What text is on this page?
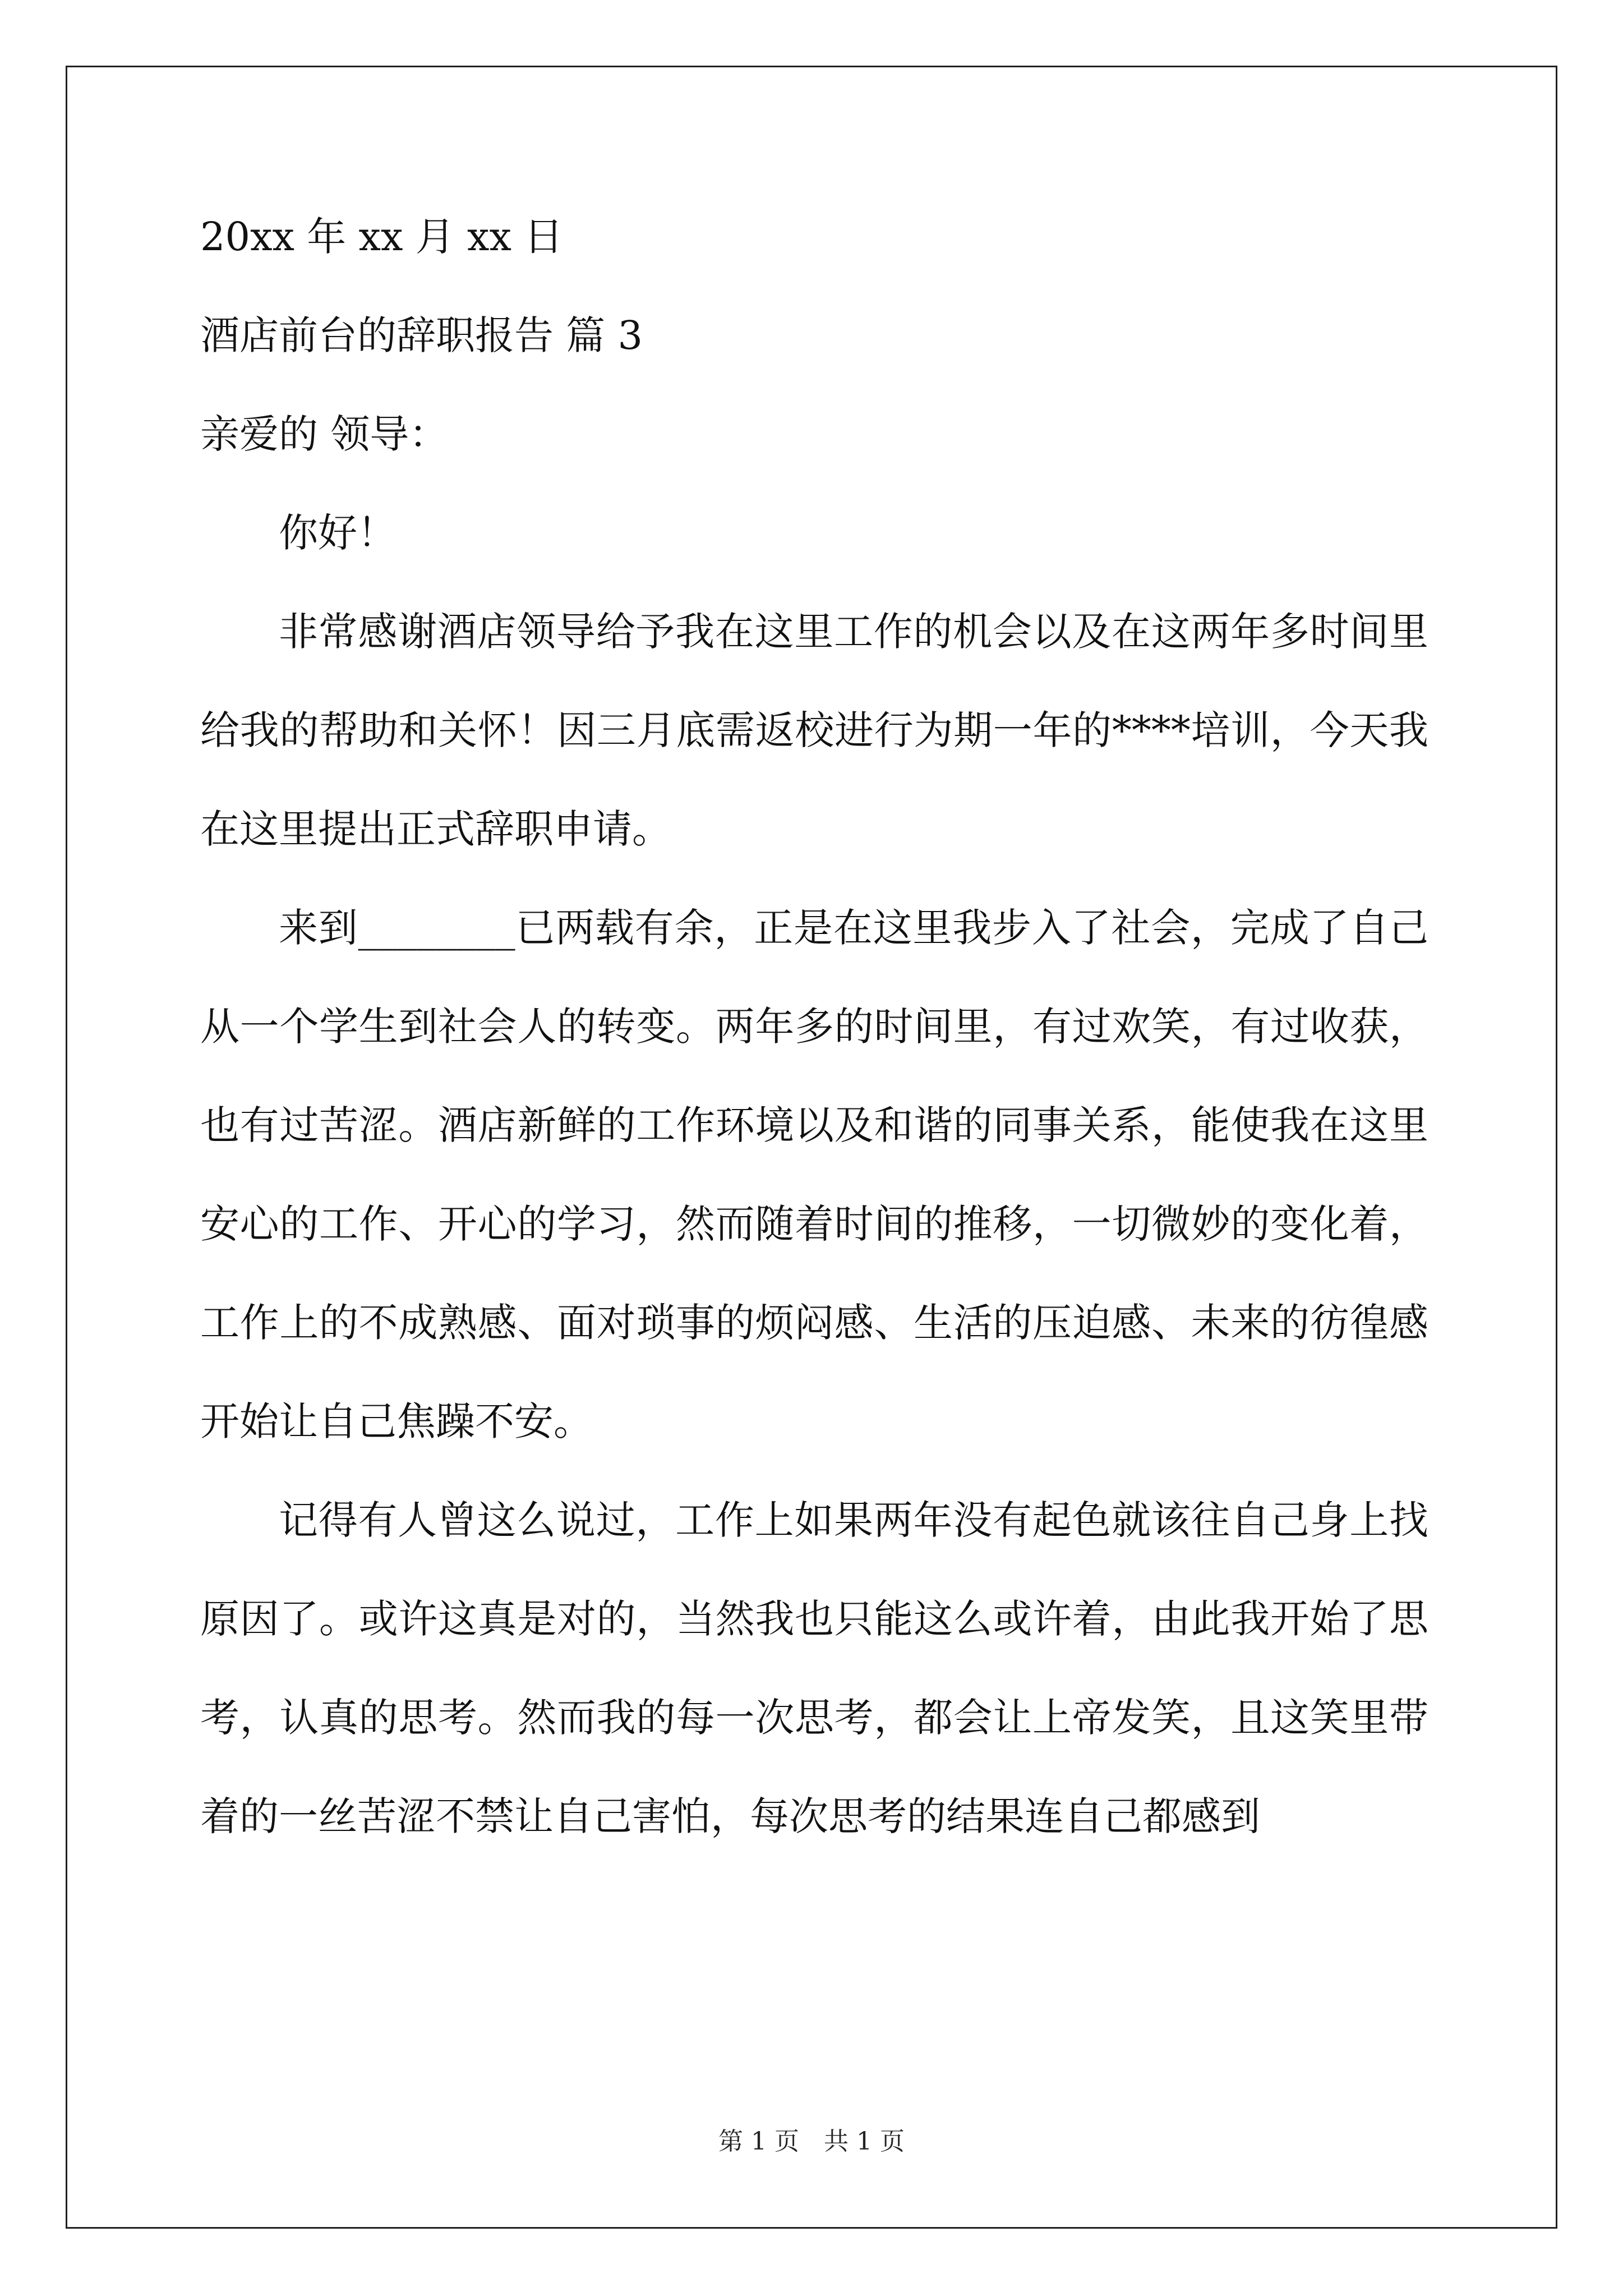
20xx 年 xx 月 xx 日
酒店前台的辞职报告 篇 3
亲爱的 领导：
你好！

非常感谢酒店领导给予我在这里工作的机会以及在这两年多时间里给我的帮助和关怀！因三月底需返校进行为期一年的****培训，今天我在这里提出正式辞职申请。

来到________已两载有余，正是在这里我步入了社会，完成了自己从一个学生到社会人的转变。两年多的时间里，有过欢笑，有过收获，也有过苦涩。酒店新鲜的工作环境以及和谐的同事关系，能使我在这里安心的工作、开心的学习，然而随着时间的推移，一切微妙的变化着，工作上的不成熟感、面对琐事的烦闷感、生活的压迫感、未来的彷徨感开始让自己焦躁不安。

记得有人曾这么说过，工作上如果两年没有起色就该往自己身上找原因了。或许这真是对的，当然我也只能这么或许着，由此我开始了思考，认真的思考。然而我的每一次思考，都会让上帝发笑，且这笑里带着的一丝苦涩不禁让自己害怕，每次思考的结果连自己都感到

第 1 页 共 1 页
